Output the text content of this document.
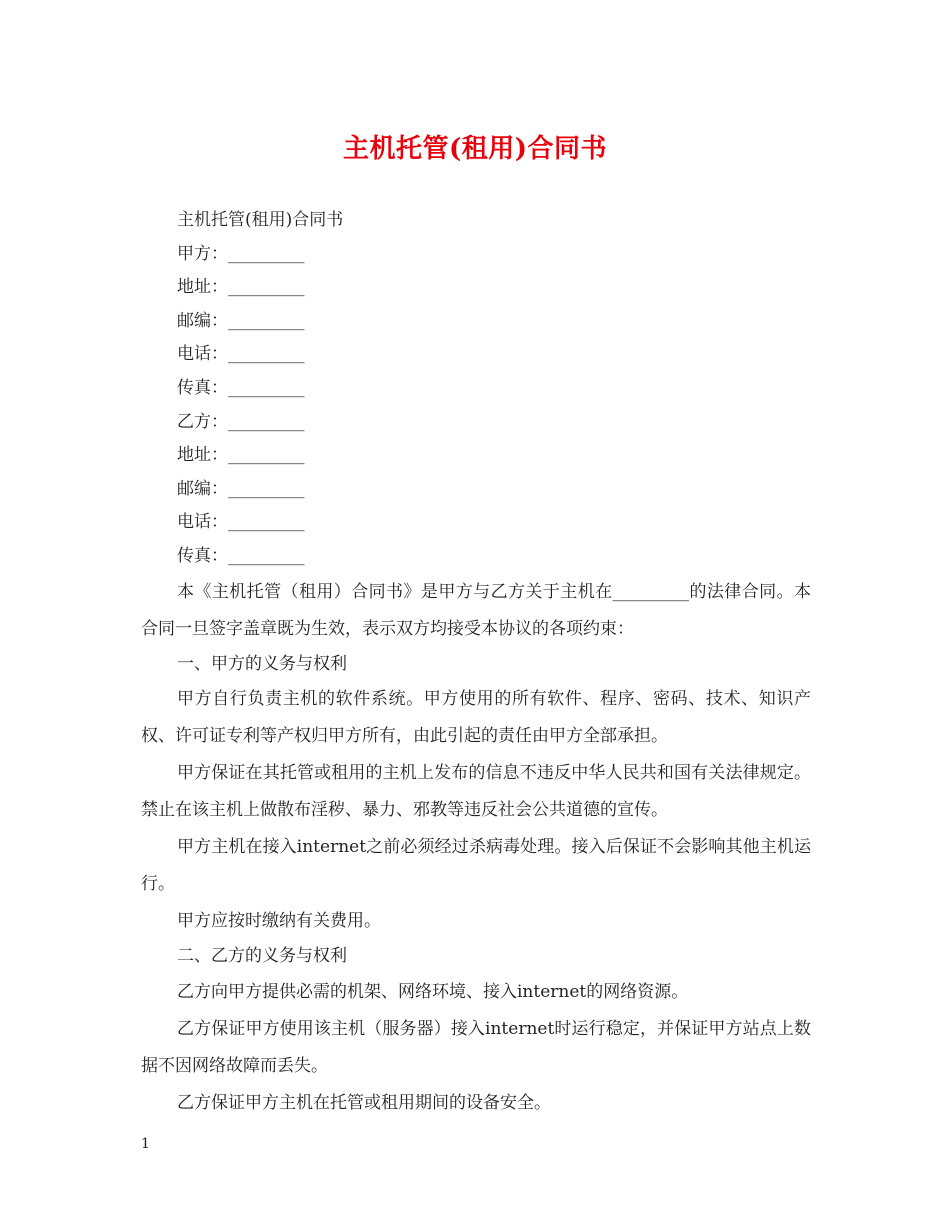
主机托管(租用)合同书
主机托管(租用)合同书
甲方：_________
地址：_________
邮编：_________
电话：_________
传真：_________
乙方：_________
地址：_________
邮编：_________
电话：_________
传真：_________

本《主机托管（租用）合同书》是甲方与乙方关于主机在_________的法律合同。本合同一旦签字盖章既为生效，表示双方均接受本协议的各项约束：

一、甲方的义务与权利

甲方自行负责主机的软件系统。甲方使用的所有软件、程序、密码、技术、知识产权、许可证专利等产权归甲方所有，由此引起的责任由甲方全部承担。

甲方保证在其托管或租用的主机上发布的信息不违反中华人民共和国有关法律规定。禁止在该主机上做散布淫秽、暴力、邪教等违反社会公共道德的宣传。

甲方主机在接入internet之前必须经过杀病毒处理。接入后保证不会影响其他主机运行。

甲方应按时缴纳有关费用。

二、乙方的义务与权利

乙方向甲方提供必需的机架、网络环境、接入internet的网络资源。

乙方保证甲方使用该主机（服务器）接入internet时运行稳定，并保证甲方站点上数据不因网络故障而丢失。

乙方保证甲方主机在托管或租用期间的设备安全。

1
